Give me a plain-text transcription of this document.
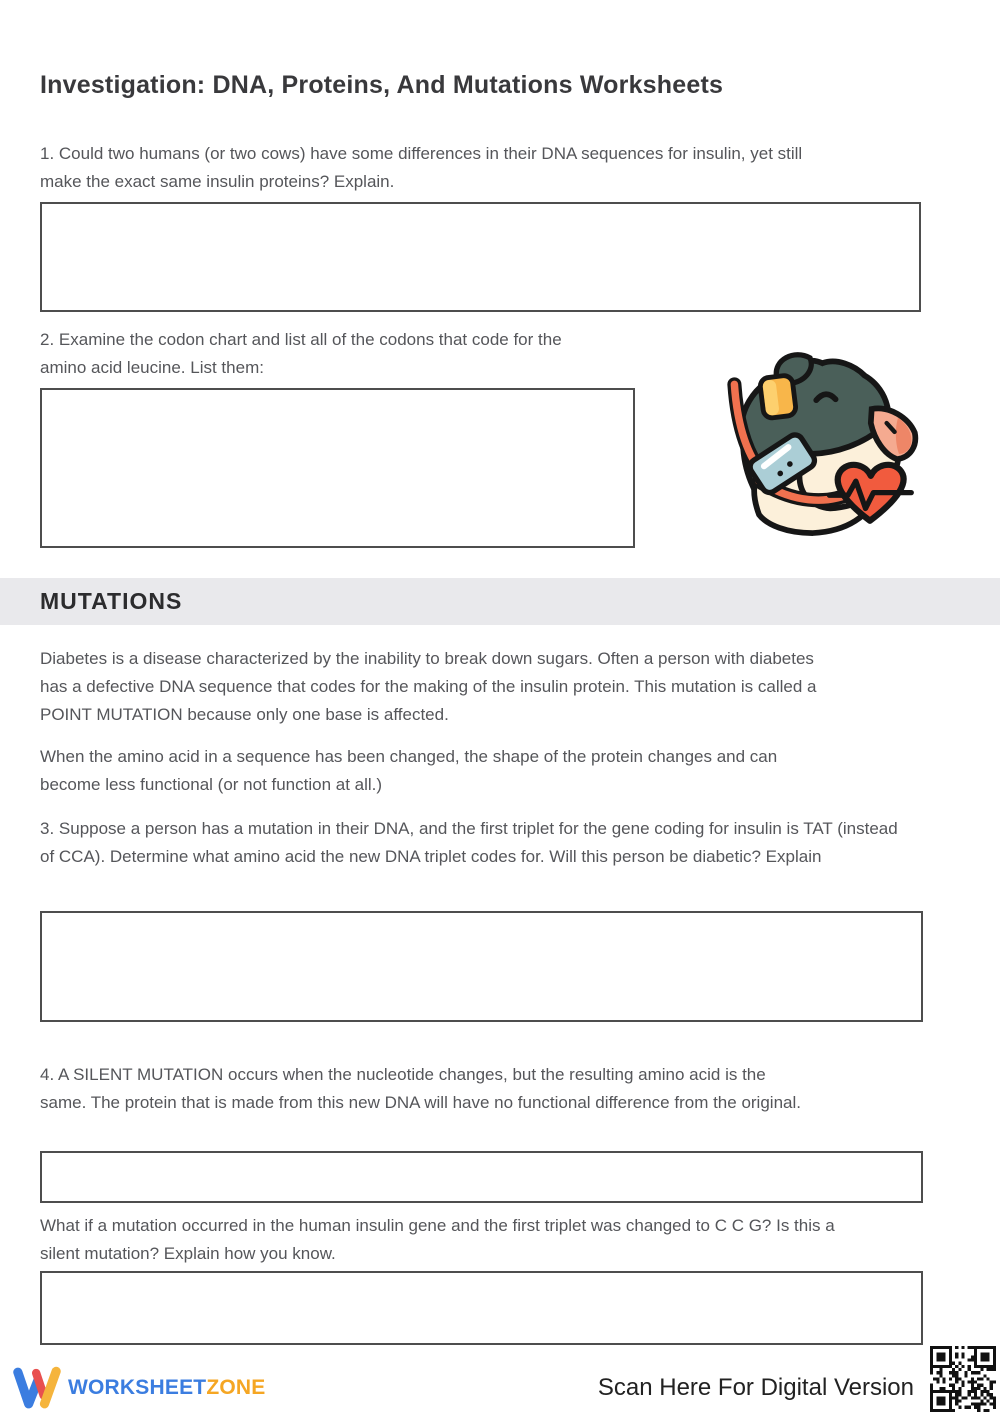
Investigation: DNA, Proteins, And Mutations Worksheets
1. Could two humans (or two cows) have some differences in their DNA sequences for insulin, yet still make the exact same insulin proteins? Explain.
2. Examine the codon chart and list all of the codons that code for the amino acid leucine. List them:
MUTATIONS
Diabetes is a disease characterized by the inability to break down sugars. Often a person with diabetes has a defective DNA sequence that codes for the making of the insulin protein. This mutation is called a POINT MUTATION because only one base is affected.
When the amino acid in a sequence has been changed, the shape of the protein changes and can become less functional (or not function at all.)
3. Suppose a person has a mutation in their DNA, and the first triplet for the gene coding for insulin is TAT (instead of CCA). Determine what amino acid the new DNA triplet codes for. Will this person be diabetic? Explain
4. A SILENT MUTATION occurs when the nucleotide changes, but the resulting amino acid is the same. The protein that is made from this new DNA will have no functional difference from the original.
What if a mutation occurred in the human insulin gene and the first triplet was changed to C C G? Is this a silent mutation? Explain how you know.
WORKSHEETZONE	Scan Here For Digital Version
